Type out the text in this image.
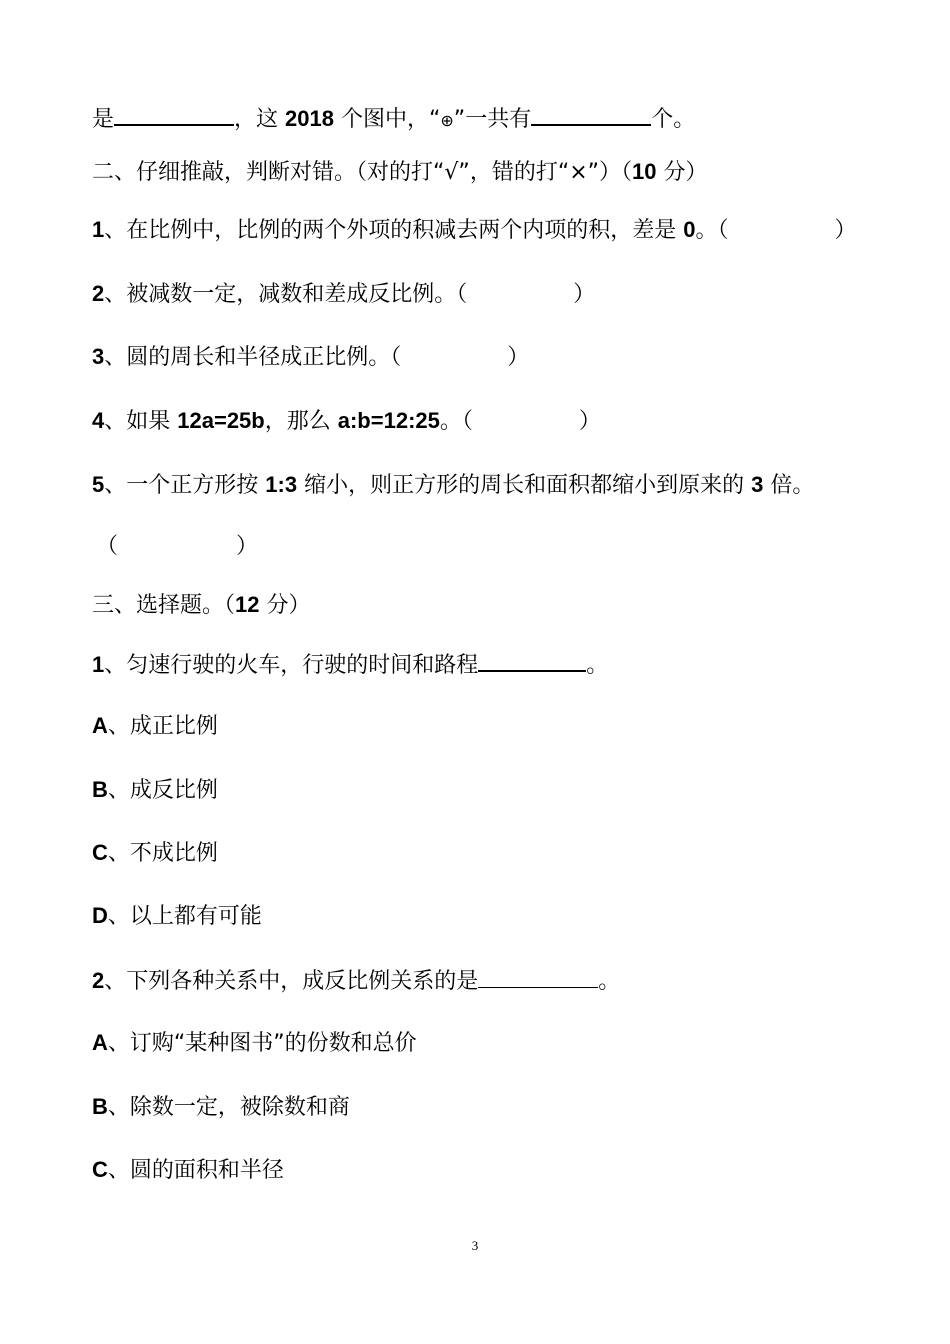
是	，这 2018 个图中，“⊕”一共有	个。
二、仔细推敲，判断对错。（对的打“√”，错的打“×”）（10 分）
1、在比例中，比例的两个外项的积减去两个内项的积，差是 0。（	）
2、被减数一定，减数和差成反比例。（	）
3、圆的周长和半径成正比例。（	）
4、如果 12a=25b，那么 a:b=12:25。（	）
5、一个正方形按 1:3 缩小，则正方形的周长和面积都缩小到原来的 3 倍。
（	）
三、选择题。（12 分）
1、匀速行驶的火车，行驶的时间和路程	。
A、成正比例
B、成反比例
C、不成比例
D、以上都有可能
2、下列各种关系中，成反比例关系的是	。
A、订购“某种图书”的份数和总价
B、除数一定，被除数和商
C、圆的面积和半径
3
